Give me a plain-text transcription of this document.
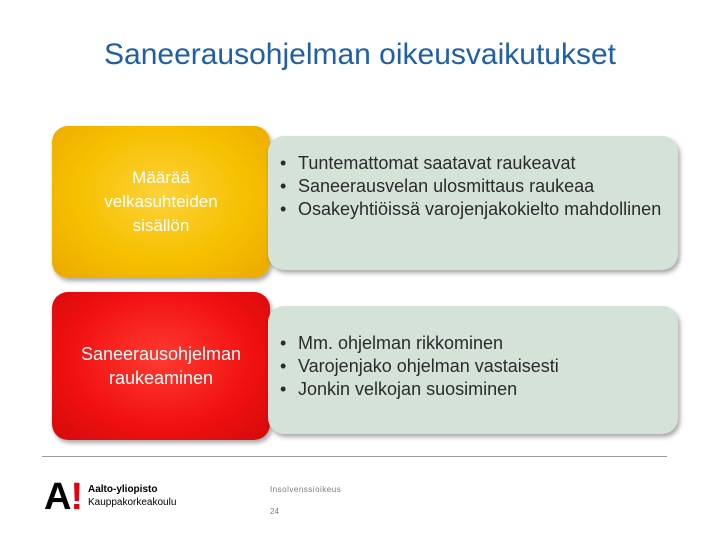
Saneerausohjelman oikeusvaikutukset
Määrää velkasuhteiden sisällön
• Tuntemattomat saatavat raukeavat
• Saneerausvelan ulosmittaus raukeaa
• Osakeyhtiöissä varojenjakokielto mahdollinen
Saneerausohjelman raukeaminen
• Mm. ohjelman rikkominen
• Varojenjako ohjelman vastaisesti
• Jonkin velkojan suosiminen
A! Aalto-yliopisto
Kauppakorkeakoulu
Insolvenssioikeus
24
